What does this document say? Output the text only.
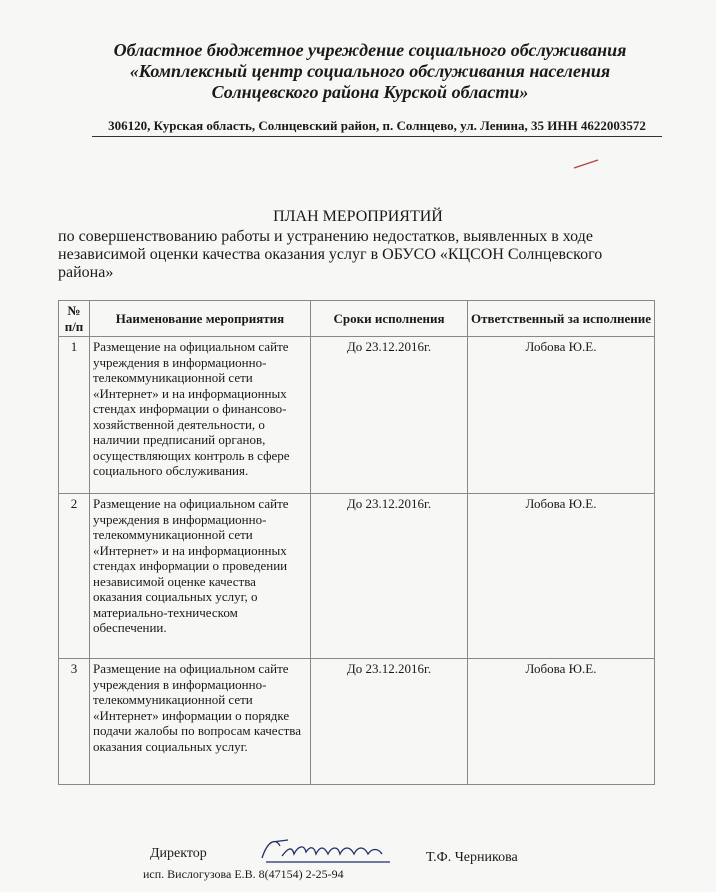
Областное бюджетное учреждение социального обслуживания
«Комплексный центр социального обслуживания населения
Солнцевского района Курской области»
306120, Курская область, Солнцевский район, п. Солнцево, ул. Ленина, 35 ИНН 4622003572
ПЛАН МЕРОПРИЯТИЙ
по совершенствованию работы и устранению недостатков, выявленных в ходе независимой оценки качества оказания услуг в ОБУСО «КЦСОН Солнцевского района»
№ п/п	Наименование мероприятия	Сроки исполнения	Ответственный за исполнение
1	Размещение на официальном сайте учреждения в информационно-телекоммуникационной сети «Интернет» и на информационных стендах информации о финансово-хозяйственной деятельности, о наличии предписаний органов, осуществляющих контроль в сфере социального обслуживания.	До 23.12.2016г.	Лобова Ю.Е.
2	Размещение на официальном сайте учреждения в информационно-телекоммуникационной сети «Интернет» и на информационных стендах информации о проведении независимой оценке качества оказания социальных услуг, о материально-техническом обеспечении.	До 23.12.2016г.	Лобова Ю.Е.
3	Размещение на официальном сайте учреждения в информационно-телекоммуникационной сети «Интернет» информации о порядке подачи жалобы по вопросам качества оказания социальных услуг.	До 23.12.2016г.	Лобова Ю.Е.
Директор	Т.Ф. Черникова
исп. Вислогузова Е.В. 8(47154) 2-25-94
